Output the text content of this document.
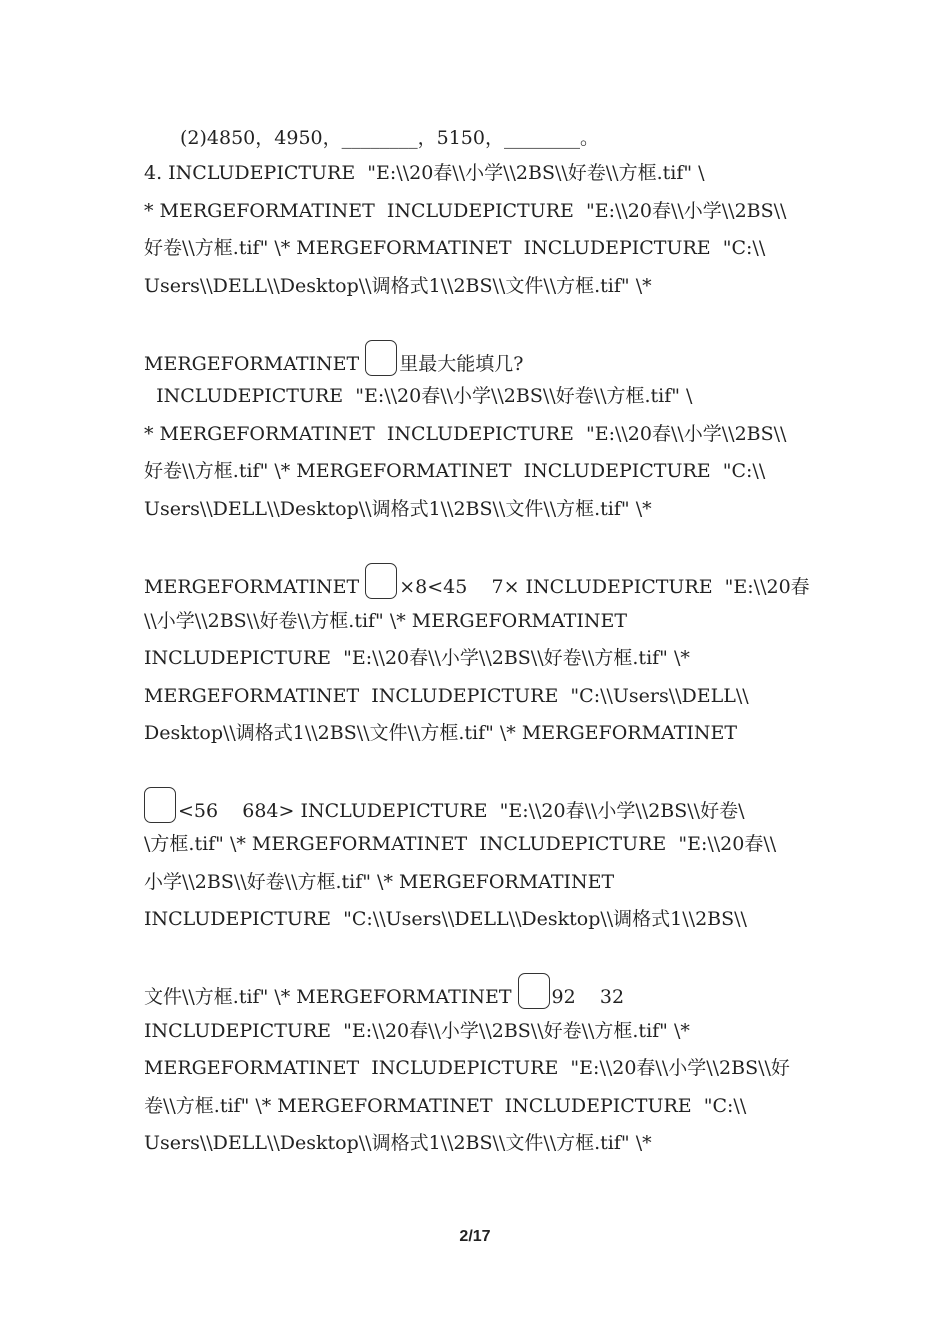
(2)4850，4950，________，5150，________。
4. INCLUDEPICTURE  "E:\\20春\\小学\\2BS\\好卷\\方框.tif" \
* MERGEFORMATINET  INCLUDEPICTURE  "E:\\20春\\小学\\2BS\\
好卷\\方框.tif" \* MERGEFORMATINET  INCLUDEPICTURE  "C:\\
Users\\DELL\\Desktop\\调格式1\\2BS\\文件\\方框.tif" \*
MERGEFORMATINET 里最大能填几?
INCLUDEPICTURE  "E:\\20春\\小学\\2BS\\好卷\\方框.tif" \
* MERGEFORMATINET  INCLUDEPICTURE  "E:\\20春\\小学\\2BS\\
好卷\\方框.tif" \* MERGEFORMATINET  INCLUDEPICTURE  "C:\\
Users\\DELL\\Desktop\\调格式1\\2BS\\文件\\方框.tif" \*
MERGEFORMATINET ×8<45    7× INCLUDEPICTURE  "E:\\20春
\\小学\\2BS\\好卷\\方框.tif" \* MERGEFORMATINET
INCLUDEPICTURE  "E:\\20春\\小学\\2BS\\好卷\\方框.tif" \*
MERGEFORMATINET  INCLUDEPICTURE  "C:\\Users\\DELL\\
Desktop\\调格式1\\2BS\\文件\\方框.tif" \* MERGEFORMATINET
<56    684> INCLUDEPICTURE  "E:\\20春\\小学\\2BS\\好卷\
\方框.tif" \* MERGEFORMATINET  INCLUDEPICTURE  "E:\\20春\\
小学\\2BS\\好卷\\方框.tif" \* MERGEFORMATINET
INCLUDEPICTURE  "C:\\Users\\DELL\\Desktop\\调格式1\\2BS\\
文件\\方框.tif" \* MERGEFORMATINET 92    32
INCLUDEPICTURE  "E:\\20春\\小学\\2BS\\好卷\\方框.tif" \*
MERGEFORMATINET  INCLUDEPICTURE  "E:\\20春\\小学\\2BS\\好
卷\\方框.tif" \* MERGEFORMATINET  INCLUDEPICTURE  "C:\\
Users\\DELL\\Desktop\\调格式1\\2BS\\文件\\方框.tif" \*
2/17
